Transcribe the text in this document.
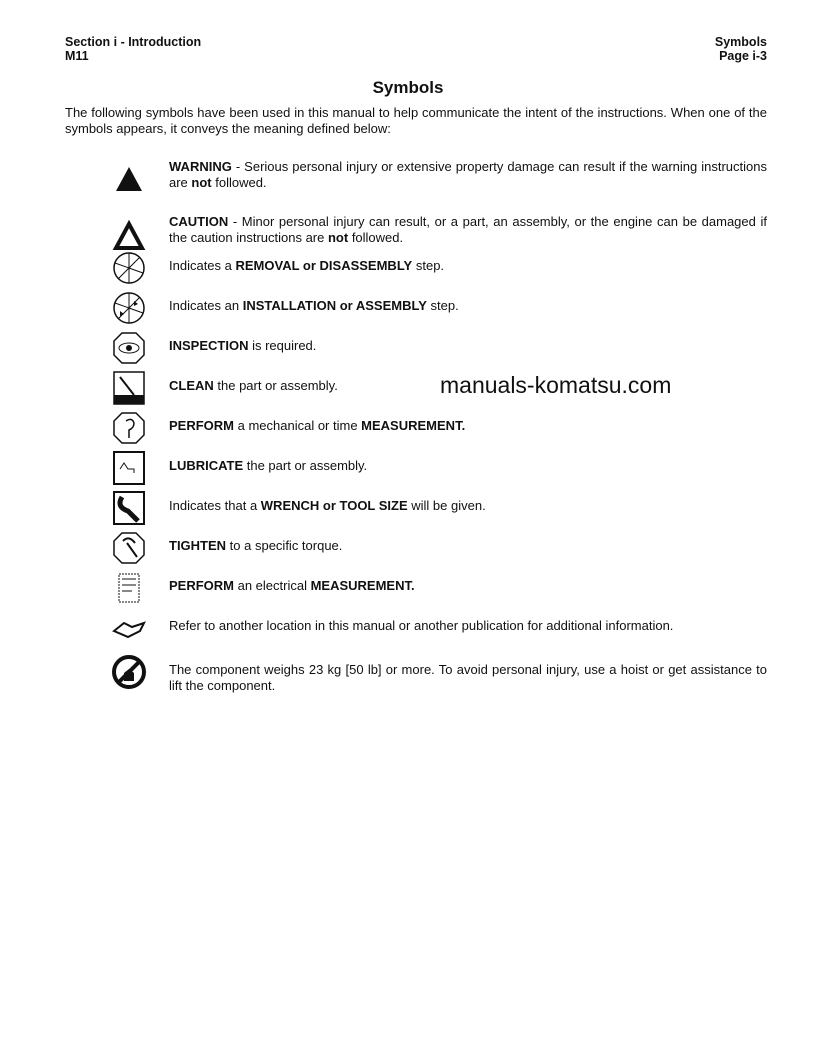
Section i - Introduction
M11
Symbols
Page i-3
Symbols

The following symbols have been used in this manual to help communicate the intent of the instructions. When one of the symbols appears, it conveys the meaning defined below:

WARNING - Serious personal injury or extensive property damage can result if the warning instructions are not followed.
CAUTION - Minor personal injury can result, or a part, an assembly, or the engine can be damaged if the caution instructions are not followed.
Indicates a REMOVAL or DISASSEMBLY step.
Indicates an INSTALLATION or ASSEMBLY step.
INSPECTION is required.
CLEAN the part or assembly.
PERFORM a mechanical or time MEASUREMENT.
LUBRICATE the part or assembly.
Indicates that a WRENCH or TOOL SIZE will be given.
TIGHTEN to a specific torque.
PERFORM an electrical MEASUREMENT.
Refer to another location in this manual or another publication for additional information.
The component weighs 23 kg [50 lb] or more. To avoid personal injury, use a hoist or get assistance to lift the component.
manuals-komatsu.com
